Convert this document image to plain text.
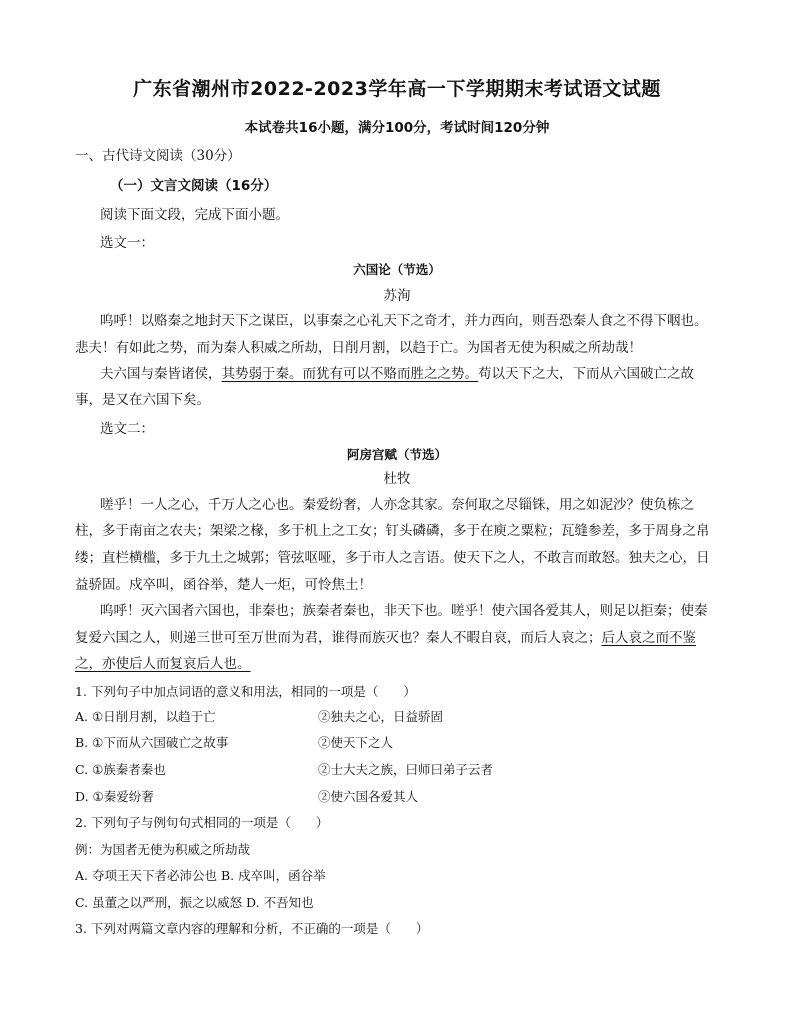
广东省潮州市2022-2023学年高一下学期期末考试语文试题
本试卷共16小题，满分100分，考试时间120分钟
一、古代诗文阅读（30分）
（一）文言文阅读（16分）
阅读下面文段，完成下面小题。
选文一：
六国论（节选）
苏洵
呜呼！以赂秦之地封天下之谋臣，以事秦之心礼天下之奇才，并力西向，则吾恐秦人食之不得下咽也。
悲夫！有如此之势，而为秦人积威之所劫，日削月割，以趋于亡。为国者无使为积威之所劫哉！
夫六国与秦皆诸侯，其势弱于秦。而犹有可以不赂而胜之之势。苟以天下之大，下而从六国破亡之故
事，是又在六国下矣。
选文二：
阿房宫赋（节选）
杜牧
嗟乎！一人之心，千万人之心也。秦爱纷奢，人亦念其家。奈何取之尽锱铢，用之如泥沙？使负栋之
柱，多于南亩之农夫；架梁之椽，多于机上之工女；钉头磷磷，多于在庾之粟粒；瓦缝参差，多于周身之帛
缕；直栏横槛，多于九土之城郭；管弦呕哑，多于市人之言语。使天下之人，不敢言而敢怒。独夫之心，日
益骄固。戍卒叫，函谷举，楚人一炬，可怜焦土！
呜呼！灭六国者六国也，非秦也；族秦者秦也，非天下也。嗟乎！使六国各爱其人，则足以拒秦；使秦
复爱六国之人，则递三世可至万世而为君，谁得而族灭也？秦人不暇自哀，而后人哀之；后人哀之而不鉴
之，亦使后人而复哀后人也。
1. 下列句子中加点词语的意义和用法，相同的一项是（　　）
A. ①日削月割，以趋于亡	②独夫之心，日益骄固
B. ①下而从六国破亡之故事	②使天下之人
C. ①族秦者秦也	②士大夫之族，曰师曰弟子云者
D. ①秦爱纷奢	②使六国各爱其人
2. 下列句子与例句句式相同的一项是（　　）
例：为国者无使为积威之所劫哉
A. 夺项王天下者必沛公也 B. 戍卒叫，函谷举
C. 虽董之以严刑，振之以威怒 D. 不吾知也
3. 下列对两篇文章内容的理解和分析，不正确的一项是（　　）
